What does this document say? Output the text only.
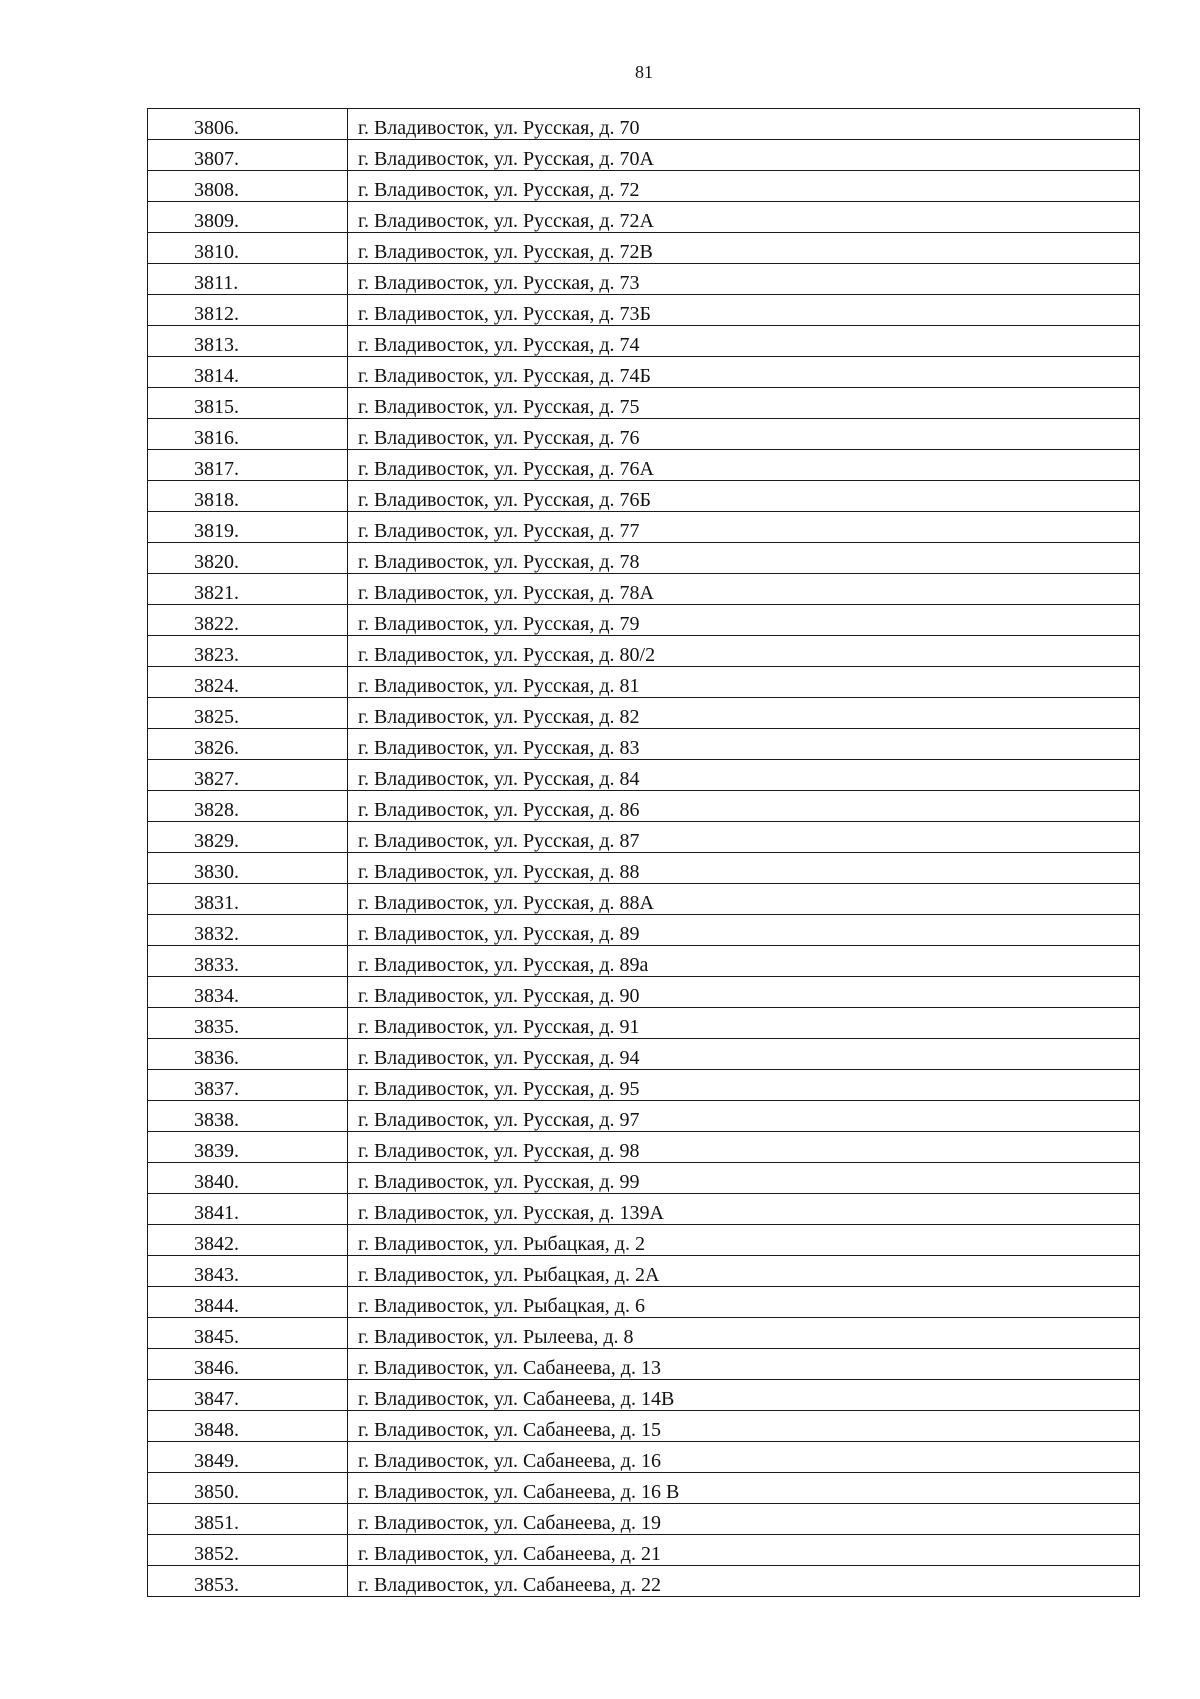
81
3806.	г. Владивосток, ул. Русская, д. 70
3807.	г. Владивосток, ул. Русская, д. 70А
3808.	г. Владивосток, ул. Русская, д. 72
3809.	г. Владивосток, ул. Русская, д. 72А
3810.	г. Владивосток, ул. Русская, д. 72В
3811.	г. Владивосток, ул. Русская, д. 73
3812.	г. Владивосток, ул. Русская, д. 73Б
3813.	г. Владивосток, ул. Русская, д. 74
3814.	г. Владивосток, ул. Русская, д. 74Б
3815.	г. Владивосток, ул. Русская, д. 75
3816.	г. Владивосток, ул. Русская, д. 76
3817.	г. Владивосток, ул. Русская, д. 76А
3818.	г. Владивосток, ул. Русская, д. 76Б
3819.	г. Владивосток, ул. Русская, д. 77
3820.	г. Владивосток, ул. Русская, д. 78
3821.	г. Владивосток, ул. Русская, д. 78А
3822.	г. Владивосток, ул. Русская, д. 79
3823.	г. Владивосток, ул. Русская, д. 80/2
3824.	г. Владивосток, ул. Русская, д. 81
3825.	г. Владивосток, ул. Русская, д. 82
3826.	г. Владивосток, ул. Русская, д. 83
3827.	г. Владивосток, ул. Русская, д. 84
3828.	г. Владивосток, ул. Русская, д. 86
3829.	г. Владивосток, ул. Русская, д. 87
3830.	г. Владивосток, ул. Русская, д. 88
3831.	г. Владивосток, ул. Русская, д. 88А
3832.	г. Владивосток, ул. Русская, д. 89
3833.	г. Владивосток, ул. Русская, д. 89а
3834.	г. Владивосток, ул. Русская, д. 90
3835.	г. Владивосток, ул. Русская, д. 91
3836.	г. Владивосток, ул. Русская, д. 94
3837.	г. Владивосток, ул. Русская, д. 95
3838.	г. Владивосток, ул. Русская, д. 97
3839.	г. Владивосток, ул. Русская, д. 98
3840.	г. Владивосток, ул. Русская, д. 99
3841.	г. Владивосток, ул. Русская, д. 139А
3842.	г. Владивосток, ул. Рыбацкая, д. 2
3843.	г. Владивосток, ул. Рыбацкая, д. 2А
3844.	г. Владивосток, ул. Рыбацкая, д. 6
3845.	г. Владивосток, ул. Рылеева, д. 8
3846.	г. Владивосток, ул. Сабанеева, д. 13
3847.	г. Владивосток, ул. Сабанеева, д. 14В
3848.	г. Владивосток, ул. Сабанеева, д. 15
3849.	г. Владивосток, ул. Сабанеева, д. 16
3850.	г. Владивосток, ул. Сабанеева, д. 16 В
3851.	г. Владивосток, ул. Сабанеева, д. 19
3852.	г. Владивосток, ул. Сабанеева, д. 21
3853.	г. Владивосток, ул. Сабанеева, д. 22
